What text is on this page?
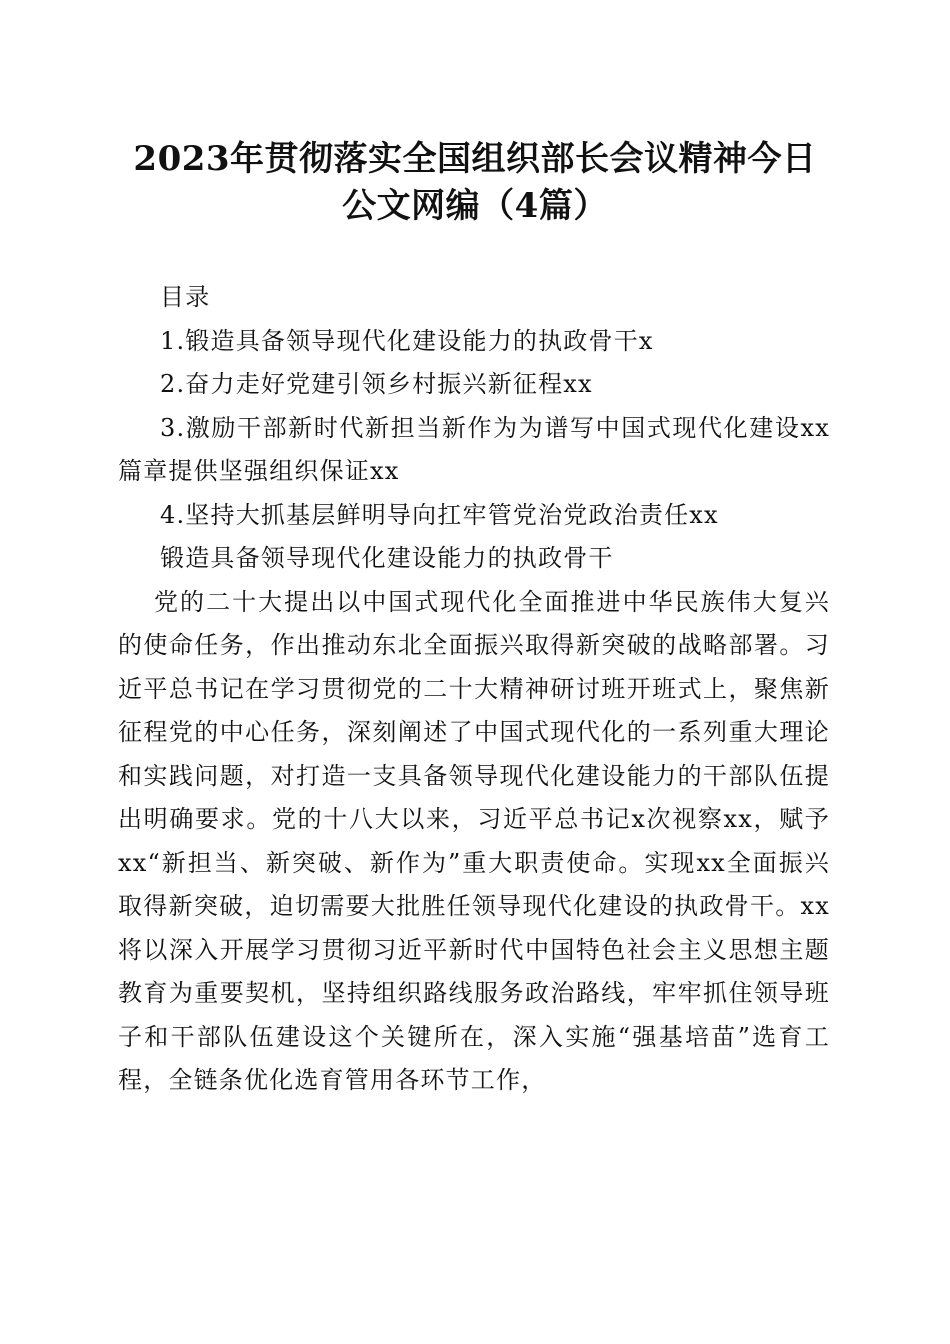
2023年贯彻落实全国组织部长会议精神今日
公文网编（4篇）

目录

1.锻造具备领导现代化建设能力的执政骨干x

2.奋力走好党建引领乡村振兴新征程xx

3.激励干部新时代新担当新作为为谱写中国式现代化建设xx篇章提供坚强组织保证xx

4.坚持大抓基层鲜明导向扛牢管党治党政治责任xx

锻造具备领导现代化建设能力的执政骨干

党的二十大提出以中国式现代化全面推进中华民族伟大复兴的使命任务，作出推动东北全面振兴取得新突破的战略部署。习近平总书记在学习贯彻党的二十大精神研讨班开班式上，聚焦新征程党的中心任务，深刻阐述了中国式现代化的一系列重大理论和实践问题，对打造一支具备领导现代化建设能力的干部队伍提出明确要求。党的十八大以来，习近平总书记x次视察xx，赋予xx“新担当、新突破、新作为”重大职责使命。实现xx全面振兴取得新突破，迫切需要大批胜任领导现代化建设的执政骨干。xx将以深入开展学习贯彻习近平新时代中国特色社会主义思想主题教育为重要契机，坚持组织路线服务政治路线，牢牢抓住领导班子和干部队伍建设这个关键所在，深入实施“强基培苗”选育工程，全链条优化选育管用各环节工作，
